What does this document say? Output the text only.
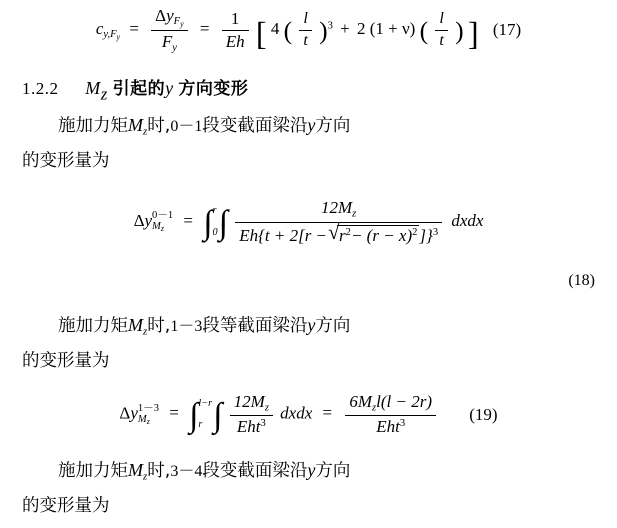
$c_{y,F_y} = \frac{\Delta y_{F_y}}{F_y} = \frac{1}{Eh}$ [ 4 ( $\frac{l}{t} )^3 + 2$ (1 + ν) ( $\frac{l}{t}$ ) ] (17)
1.2.2 Mz 引起的y 方向变形
施加力矩$M_z$时,0－1段变截面梁沿y方向
的变形量为
Δy 0－1
Mz	= ∫ r
0 ∫ $\frac{12M_z}{Eh\{t + 2[r - √ r^2- (r - x)^2 ]\}^3}$ dxdx
(18)
施加力矩$M_z$时,1－3段等截面梁沿y方向
的变形量为
Δy 1－3
Mz	= ∫ l−r
r ∫ $\frac{12M_z}{Eht^3}$ dxdx = $\frac{6M_zl(l - 2r)}{Eht^3} (19)$
施加力矩$M_z$时,3－4段变截面梁沿y方向
的变形量为
